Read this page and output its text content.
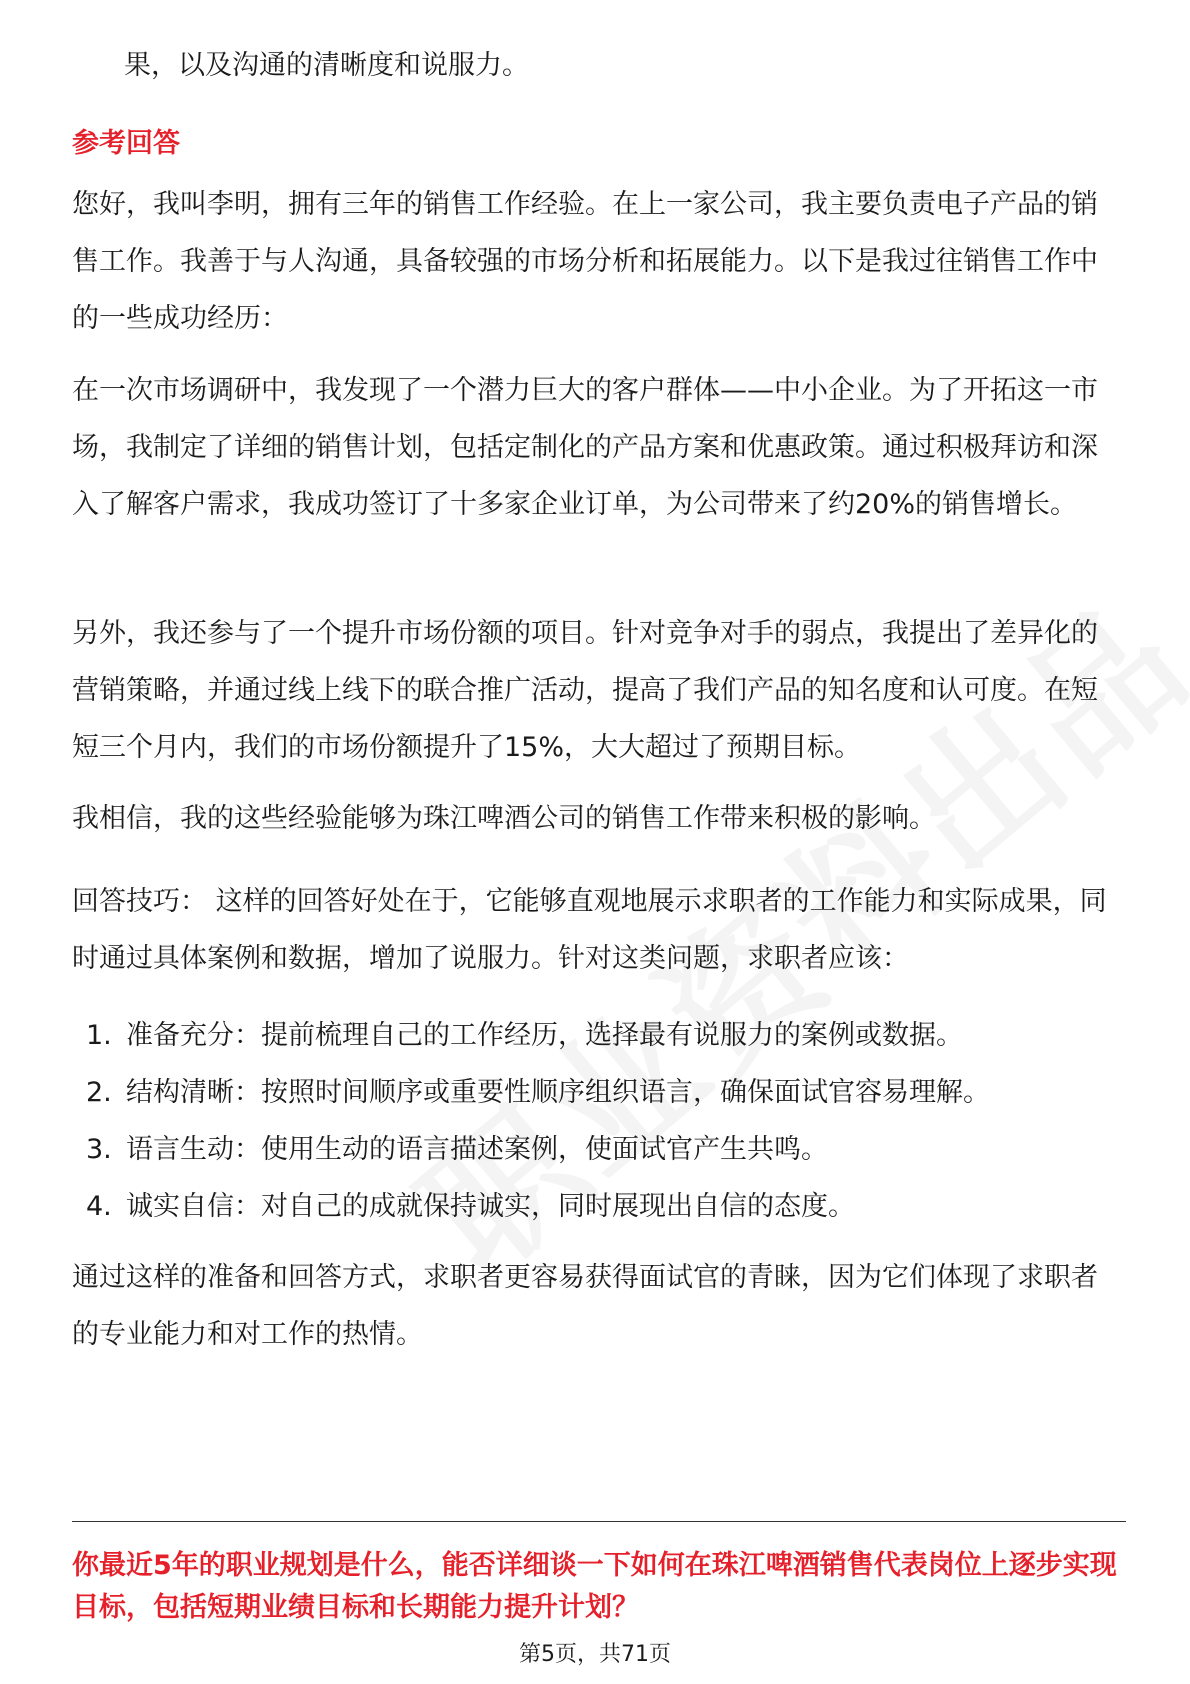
果，以及沟通的清晰度和说服力。
参考回答

您好，我叫李明，拥有三年的销售工作经验。在上一家公司，我主要负责电子产品的销售工作。我善于与人沟通，具备较强的市场分析和拓展能力。以下是我过往销售工作中的一些成功经历：

在一次市场调研中，我发现了一个潜力巨大的客户群体——中小企业。为了开拓这一市场，我制定了详细的销售计划，包括定制化的产品方案和优惠政策。通过积极拜访和深入了解客户需求，我成功签订了十多家企业订单，为公司带来了约20%的销售增长。

另外，我还参与了一个提升市场份额的项目。针对竞争对手的弱点，我提出了差异化的营销策略，并通过线上线下的联合推广活动，提高了我们产品的知名度和认可度。在短短三个月内，我们的市场份额提升了15%，大大超过了预期目标。

我相信，我的这些经验能够为珠江啤酒公司的销售工作带来积极的影响。

回答技巧： 这样的回答好处在于，它能够直观地展示求职者的工作能力和实际成果，同时通过具体案例和数据，增加了说服力。针对这类问题，求职者应该：

1. 准备充分：提前梳理自己的工作经历，选择最有说服力的案例或数据。
2. 结构清晰：按照时间顺序或重要性顺序组织语言，确保面试官容易理解。
3. 语言生动：使用生动的语言描述案例，使面试官产生共鸣。
4. 诚实自信：对自己的成就保持诚实，同时展现出自信的态度。

通过这样的准备和回答方式，求职者更容易获得面试官的青睐，因为它们体现了求职者的专业能力和对工作的热情。

你最近5年的职业规划是什么，能否详细谈一下如何在珠江啤酒销售代表岗位上逐步实现目标，包括短期业绩目标和长期能力提升计划？

第5页，共71页
